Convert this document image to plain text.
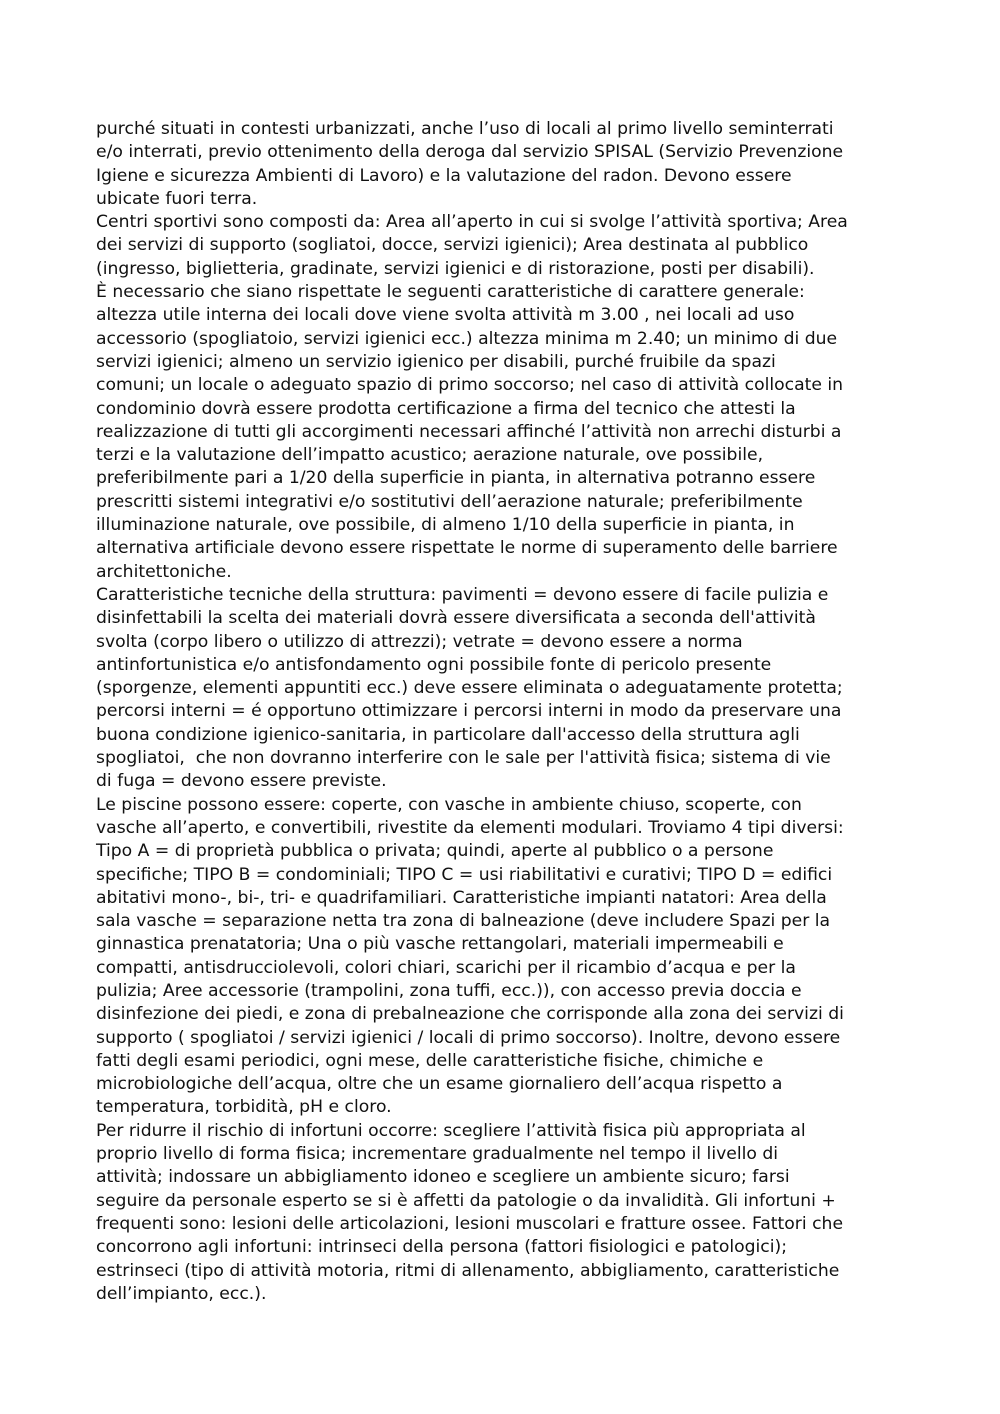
purché situati in contesti urbanizzati, anche l’uso di locali al primo livello seminterrati
e/o interrati, previo ottenimento della deroga dal servizio SPISAL (Servizio Prevenzione
Igiene e sicurezza Ambienti di Lavoro) e la valutazione del radon. Devono essere
ubicate fuori terra.
Centri sportivi sono composti da: Area all’aperto in cui si svolge l’attività sportiva; Area
dei servizi di supporto (sogliatoi, docce, servizi igienici); Area destinata al pubblico
(ingresso, biglietteria, gradinate, servizi igienici e di ristorazione, posti per disabili).
È necessario che siano rispettate le seguenti caratteristiche di carattere generale:
altezza utile interna dei locali dove viene svolta attività m 3.00 , nei locali ad uso
accessorio (spogliatoio, servizi igienici ecc.) altezza minima m 2.40; un minimo di due
servizi igienici; almeno un servizio igienico per disabili, purché fruibile da spazi
comuni; un locale o adeguato spazio di primo soccorso; nel caso di attività collocate in
condominio dovrà essere prodotta certificazione a firma del tecnico che attesti la
realizzazione di tutti gli accorgimenti necessari affinché l’attività non arrechi disturbi a
terzi e la valutazione dell’impatto acustico; aerazione naturale, ove possibile,
preferibilmente pari a 1/20 della superficie in pianta, in alternativa potranno essere
prescritti sistemi integrativi e/o sostitutivi dell’aerazione naturale; preferibilmente
illuminazione naturale, ove possibile, di almeno 1/10 della superficie in pianta, in
alternativa artificiale devono essere rispettate le norme di superamento delle barriere
architettoniche.
Caratteristiche tecniche della struttura: pavimenti = devono essere di facile pulizia e
disinfettabili la scelta dei materiali dovrà essere diversificata a seconda dell'attività
svolta (corpo libero o utilizzo di attrezzi); vetrate = devono essere a norma
antinfortunistica e/o antisfondamento ogni possibile fonte di pericolo presente
(sporgenze, elementi appuntiti ecc.) deve essere eliminata o adeguatamente protetta;
percorsi interni = é opportuno ottimizzare i percorsi interni in modo da preservare una
buona condizione igienico-sanitaria, in particolare dall'accesso della struttura agli
spogliatoi,  che non dovranno interferire con le sale per l'attività fisica; sistema di vie
di fuga = devono essere previste.
Le piscine possono essere: coperte, con vasche in ambiente chiuso, scoperte, con
vasche all’aperto, e convertibili, rivestite da elementi modulari. Troviamo 4 tipi diversi:
Tipo A = di proprietà pubblica o privata; quindi, aperte al pubblico o a persone
specifiche; TIPO B = condominiali; TIPO C = usi riabilitativi e curativi; TIPO D = edifici
abitativi mono-, bi-, tri- e quadrifamiliari. Caratteristiche impianti natatori: Area della
sala vasche = separazione netta tra zona di balneazione (deve includere Spazi per la
ginnastica prenatatoria; Una o più vasche rettangolari, materiali impermeabili e
compatti, antisdrucciolevoli, colori chiari, scarichi per il ricambio d’acqua e per la
pulizia; Aree accessorie (trampolini, zona tuffi, ecc.)), con accesso previa doccia e
disinfezione dei piedi, e zona di prebalneazione che corrisponde alla zona dei servizi di
supporto ( spogliatoi / servizi igienici / locali di primo soccorso). Inoltre, devono essere
fatti degli esami periodici, ogni mese, delle caratteristiche fisiche, chimiche e
microbiologiche dell’acqua, oltre che un esame giornaliero dell’acqua rispetto a
temperatura, torbidità, pH e cloro.
Per ridurre il rischio di infortuni occorre: scegliere l’attività fisica più appropriata al
proprio livello di forma fisica; incrementare gradualmente nel tempo il livello di
attività; indossare un abbigliamento idoneo e scegliere un ambiente sicuro; farsi
seguire da personale esperto se si è affetti da patologie o da invalidità. Gli infortuni +
frequenti sono: lesioni delle articolazioni, lesioni muscolari e fratture ossee. Fattori che
concorrono agli infortuni: intrinseci della persona (fattori fisiologici e patologici);
estrinseci (tipo di attività motoria, ritmi di allenamento, abbigliamento, caratteristiche
dell’impianto, ecc.).
